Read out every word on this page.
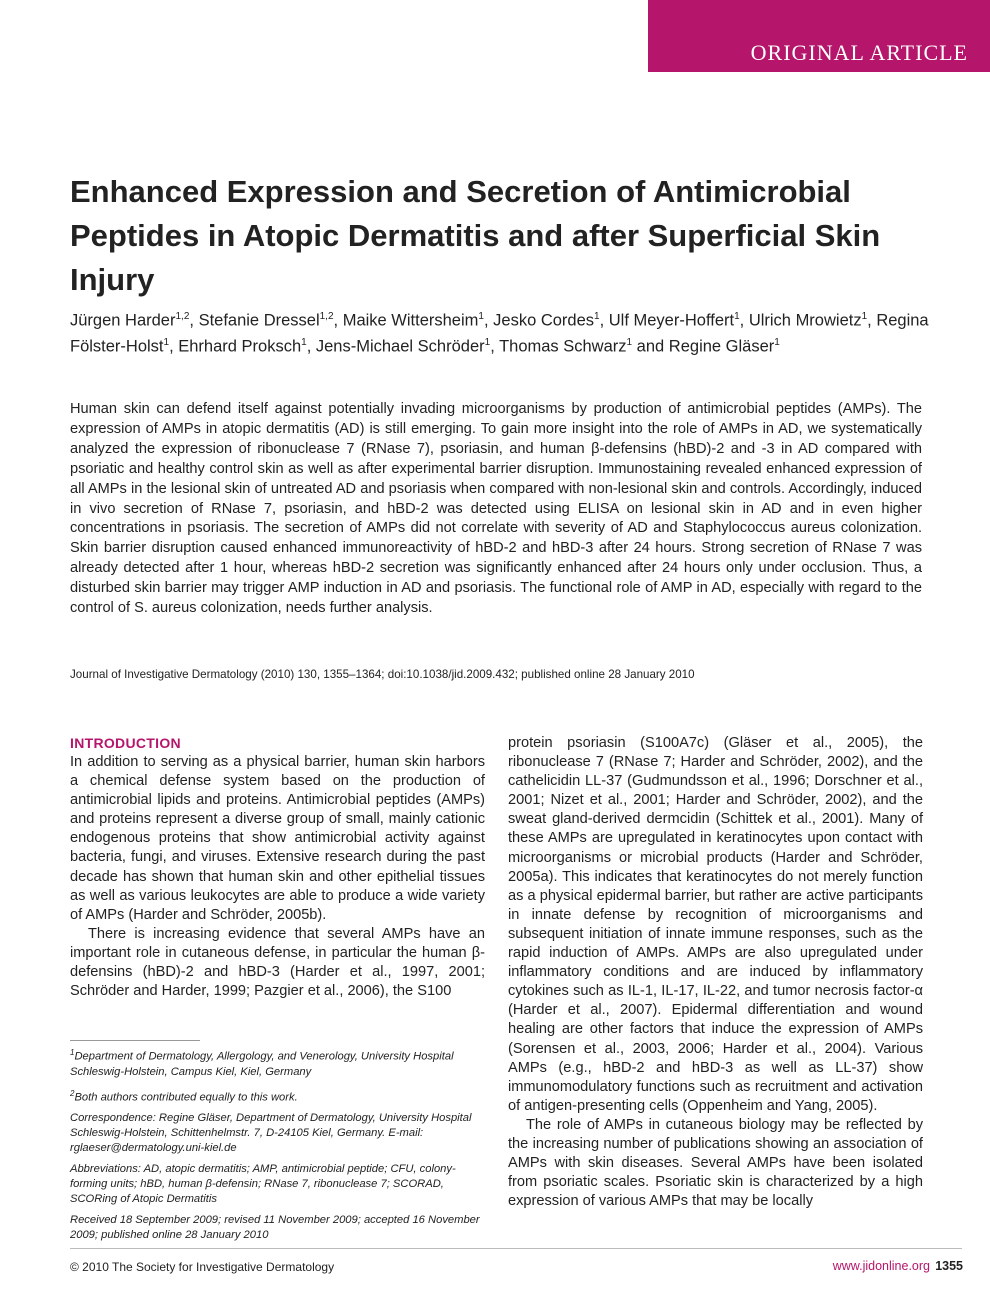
ORIGINAL ARTICLE
Enhanced Expression and Secretion of Antimicrobial Peptides in Atopic Dermatitis and after Superficial Skin Injury

Jürgen Harder$^{1,2}$, Stefanie Dressel$^{1,2}$, Maike Wittersheim$^1$, Jesko Cordes$^1$, Ulf Meyer-Hoffert$^1$, Ulrich Mrowietz$^1$, Regina Fölster-Holst$^1$, Ehrhard Proksch$^1$, Jens-Michael Schröder$^1$, Thomas Schwarz$^1$ and Regine Gläser$^1$

Human skin can defend itself against potentially invading microorganisms by production of antimicrobial peptides (AMPs). The expression of AMPs in atopic dermatitis (AD) is still emerging. To gain more insight into the role of AMPs in AD, we systematically analyzed the expression of ribonuclease 7 (RNase 7), psoriasin, and human β-defensins (hBD)-2 and -3 in AD compared with psoriatic and healthy control skin as well as after experimental barrier disruption. Immunostaining revealed enhanced expression of all AMPs in the lesional skin of untreated AD and psoriasis when compared with non-lesional skin and controls. Accordingly, induced in vivo secretion of RNase 7, psoriasin, and hBD-2 was detected using ELISA on lesional skin in AD and in even higher concentrations in psoriasis. The secretion of AMPs did not correlate with severity of AD and Staphylococcus aureus colonization. Skin barrier disruption caused enhanced immunoreactivity of hBD-2 and hBD-3 after 24 hours. Strong secretion of RNase 7 was already detected after 1 hour, whereas hBD-2 secretion was significantly enhanced after 24 hours only under occlusion. Thus, a disturbed skin barrier may trigger AMP induction in AD and psoriasis. The functional role of AMP in AD, especially with regard to the control of S. aureus colonization, needs further analysis.

Journal of Investigative Dermatology (2010) 130, 1355–1364; doi:10.1038/jid.2009.432; published online 28 January 2010
INTRODUCTION

In addition to serving as a physical barrier, human skin harbors a chemical defense system based on the production of antimicrobial lipids and proteins. Antimicrobial peptides (AMPs) and proteins represent a diverse group of small, mainly cationic endogenous proteins that show antimicrobial activity against bacteria, fungi, and viruses. Extensive research during the past decade has shown that human skin and other epithelial tissues as well as various leukocytes are able to produce a wide variety of AMPs (Harder and Schröder, 2005b).

There is increasing evidence that several AMPs have an important role in cutaneous defense, in particular the human β-defensins (hBD)-2 and hBD-3 (Harder et al., 1997, 2001; Schröder and Harder, 1999; Pazgier et al., 2006), the S100

protein psoriasin (S100A7c) (Gläser et al., 2005), the ribonuclease 7 (RNase 7; Harder and Schröder, 2002), and the cathelicidin LL-37 (Gudmundsson et al., 1996; Dorschner et al., 2001; Nizet et al., 2001; Harder and Schröder, 2002), and the sweat gland-derived dermcidin (Schittek et al., 2001). Many of these AMPs are upregulated in keratinocytes upon contact with microorganisms or microbial products (Harder and Schröder, 2005a). This indicates that keratinocytes do not merely function as a physical epidermal barrier, but rather are active participants in innate defense by recognition of microorganisms and subsequent initiation of innate immune responses, such as the rapid induction of AMPs. AMPs are also upregulated under inflammatory conditions and are induced by inflammatory cytokines such as IL-1, IL-17, IL-22, and tumor necrosis factor-α (Harder et al., 2007). Epidermal differentiation and wound healing are other factors that induce the expression of AMPs (Sorensen et al., 2003, 2006; Harder et al., 2004). Various AMPs (e.g., hBD-2 and hBD-3 as well as LL-37) show immunomodulatory functions such as recruitment and activation of antigen-presenting cells (Oppenheim and Yang, 2005).

The role of AMPs in cutaneous biology may be reflected by the increasing number of publications showing an association of AMPs with skin diseases. Several AMPs have been isolated from psoriatic scales. Psoriatic skin is characterized by a high expression of various AMPs that may be locally

$^1$Department of Dermatology, Allergology, and Venerology, University Hospital Schleswig-Holstein, Campus Kiel, Kiel, Germany

$^2$Both authors contributed equally to this work.

Correspondence: Regine Gläser, Department of Dermatology, University Hospital Schleswig-Holstein, Schittenhelmstr. 7, D-24105 Kiel, Germany. E-mail: rglaeser@dermatology.uni-kiel.de

Abbreviations: AD, atopic dermatitis; AMP, antimicrobial peptide; CFU, colony-forming units; hBD, human β-defensin; RNase 7, ribonuclease 7; SCORAD, SCORing of Atopic Dermatitis

Received 18 September 2009; revised 11 November 2009; accepted 16 November 2009; published online 28 January 2010

© 2010 The Society for Investigative Dermatology	www.jidonline.org 1355
